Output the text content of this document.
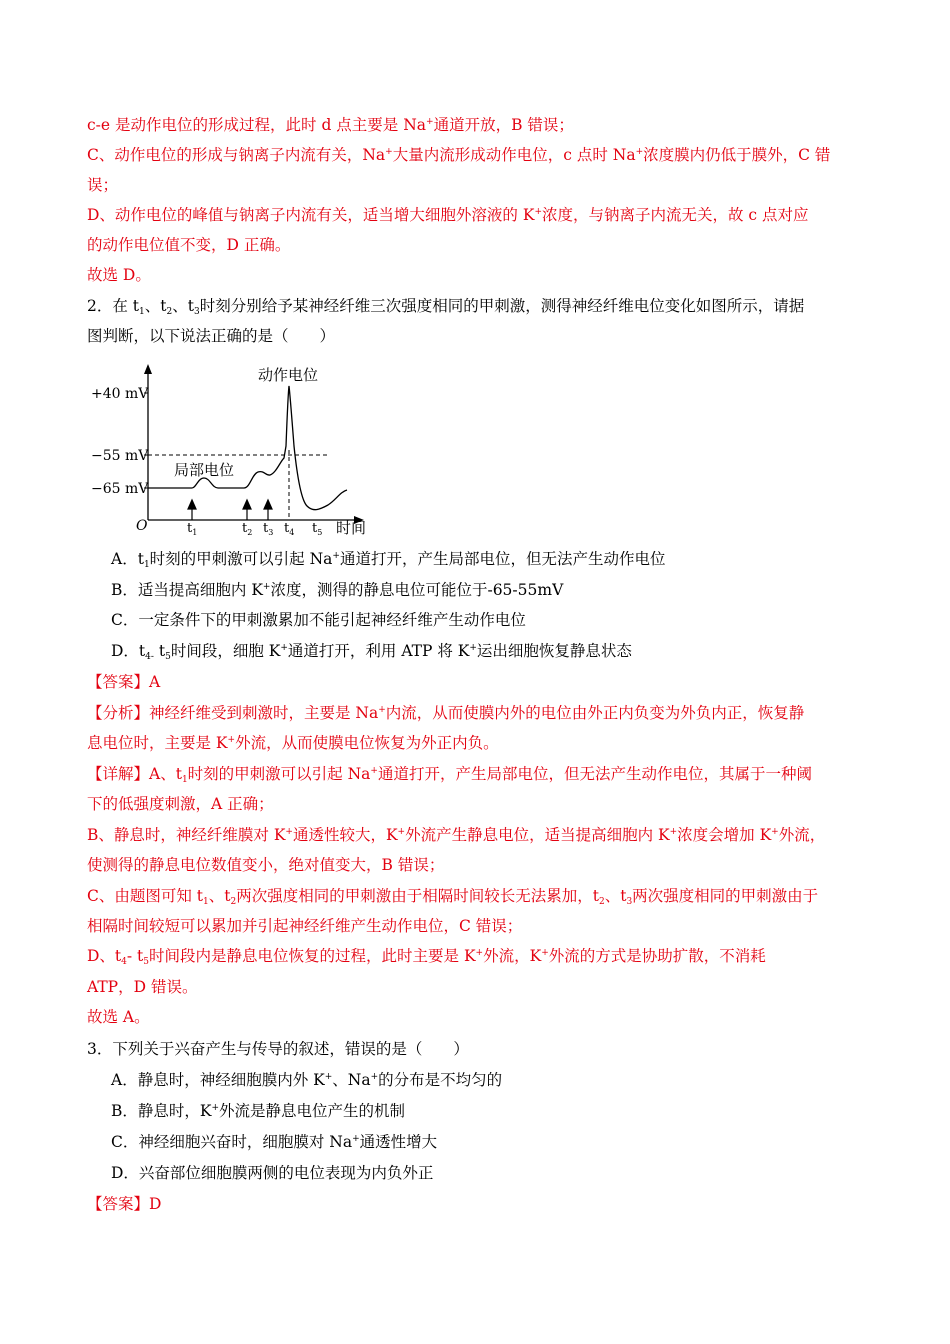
c-e 是动作电位的形成过程，此时 d 点主要是 Na+通道开放，B 错误；
C、动作电位的形成与钠离子内流有关，Na+大量内流形成动作电位，c 点时 Na+浓度膜内仍低于膜外，C 错
误；
D、动作电位的峰值与钠离子内流有关，适当增大细胞外溶液的 K+浓度，与钠离子内流无关，故 c 点对应
的动作电位值不变，D 正确。
故选 D。
2．在 $t_1$、$t_2$、$t_3$时刻分别给予某神经纤维三次强度相同的甲刺激，测得神经纤维电位变化如图所示，请据
图判断，以下说法正确的是（　　）
A．$t_1$时刻的甲刺激可以引起 Na+通道打开，产生局部电位，但无法产生动作电位
B．适当提高细胞内 K+浓度，测得的静息电位可能位于-65-55mV
C．一定条件下的甲刺激累加不能引起神经纤维产生动作电位
D．$t_{4-}$ $t_5$时间段，细胞 K+通道打开，利用 ATP 将 K+运出细胞恢复静息状态
【答案】A
【分析】神经纤维受到刺激时，主要是 Na+内流，从而使膜内外的电位由外正内负变为外负内正，恢复静
息电位时，主要是 K+外流，从而使膜电位恢复为外正内负。
【详解】A、$t_1$时刻的甲刺激可以引起 Na+通道打开，产生局部电位，但无法产生动作电位，其属于一种阈
下的低强度刺激，A 正确；
B、静息时，神经纤维膜对 K+通透性较大，K+外流产生静息电位，适当提高细胞内 K+浓度会增加 K+外流，
使测得的静息电位数值变小，绝对值变大，B 错误；
C、由题图可知 $t_1$、$t_2$两次强度相同的甲刺激由于相隔时间较长无法累加，$t_2$、$t_3$两次强度相同的甲刺激由于
相隔时间较短可以累加并引起神经纤维产生动作电位，C 错误；
D、$t_4-$ $t_5$时间段内是静息电位恢复的过程，此时主要是 K+外流，K+外流的方式是协助扩散，不消耗
ATP，D 错误。
故选 A。
3．下列关于兴奋产生与传导的叙述，错误的是（　　）
A．静息时，神经细胞膜内外 K+、Na+的分布是不均匀的
B．静息时，K+外流是静息电位产生的机制
C．神经细胞兴奋时，细胞膜对 Na+通透性增大
D．兴奋部位细胞膜两侧的电位表现为内负外正
【答案】D
+40 mV
−55 mV
−65 mV
动作电位
局部电位
O	$t_1$	$t_2$ $t_3$ $t_4$ $t_5$ 时间
